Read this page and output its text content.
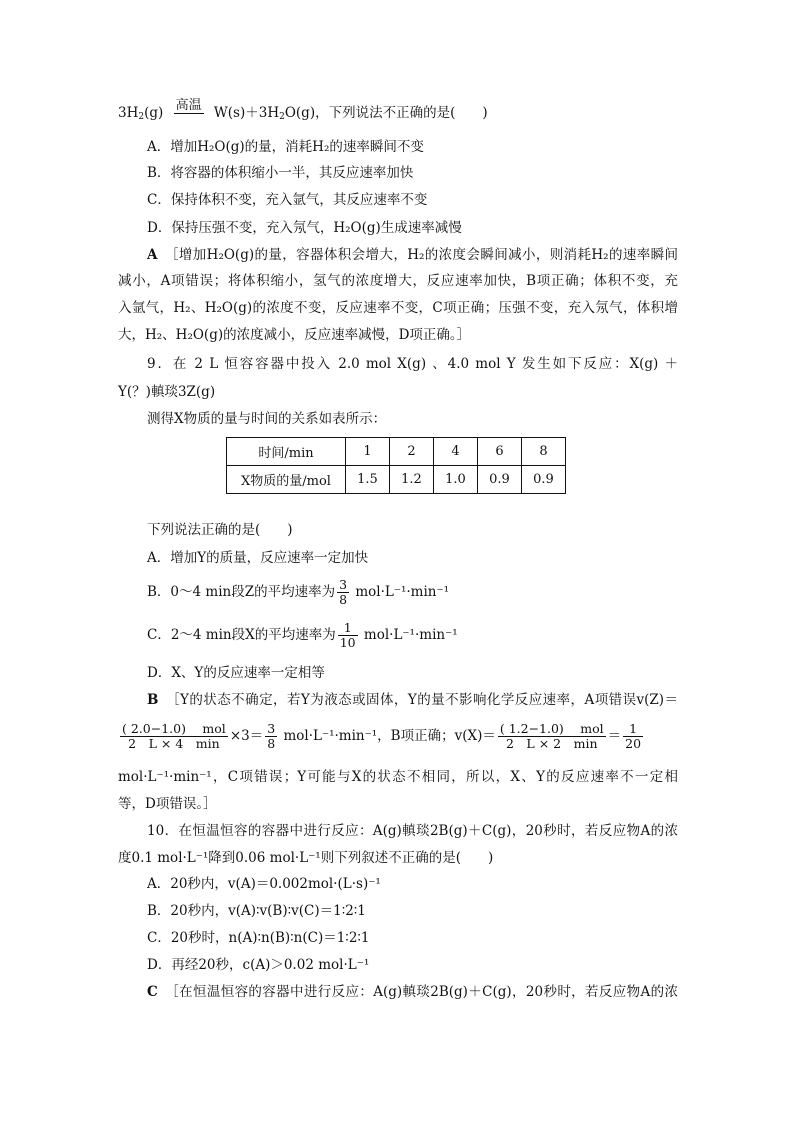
$3H_2(g)$ 高温 $W(s)+3H_2O(g)$，下列说法不正确的是(　　)
A．增加H₂O(g)的量，消耗H₂的速率瞬间不变
B．将容器的体积缩小一半，其反应速率加快
C．保持体积不变，充入氩气，其反应速率不变
D．保持压强不变，充入氖气，H₂O(g)生成速率减慢
A　 ［增加H₂O(g)的量，容器体积会增大，H₂的浓度会瞬间减小，则消耗H₂的速率瞬间
减小，A项错误；将体积缩小，氢气的浓度增大，反应速率加快，B项正确；体积不变，充
入氩气，H₂、H₂O(g)的浓度不变，反应速率不变，C项正确；压强不变，充入氖气，体积增
大，H₂、H₂O(g)的浓度减小，反应速率减慢，D项正确。］
9．在 2 L 恒容容器中投入 2.0 mol X(g) 、4.0 mol Y 发生如下反应：X(g) ＋
Y(？)䡩琰3Z(g)
测得X物质的量与时间的关系如表所示：
时间/min	1	2	4	6	8
X物质的量/mol	1.5	1.2	1.0	0.9	0.9
下列说法正确的是(　　)
A．增加Y的质量，反应速率一定加快
B．0～4 min段Z的平均速率为 $\frac{3}{8} mol\cdot L^{-1}\cdot\min^{-1}$
C．2～4 min段X的平均速率为 $\frac{1}{10} mol\cdot L^{-1}\cdot\min^{-1}$
D．X、Y的反应速率一定相等
B　 ［Y的状态不确定，若Y为液态或固体，Y的量不影响化学反应速率，A项错误v(Z)＝
$\frac{\text{( 2.0−1.0)　 mol}}{2 L \times 4 \min} \times 3= \frac{3}{8} mol\cdot L^{-1}\cdot\min^{-1}$，B项正确；$v(X)= \frac{\text{( 1.2−1.0)　 mol}}{2 L \times 2 \min} = \frac{1}{20}$
mol·L⁻¹·min⁻¹，C项错误；Y可能与X的状态不相同，所以，X、Y的反应速率不一定相
等，D项错误。］
10．在恒温恒容的容器中进行反应：A(g)䡩琰2B(g)＋C(g)，20秒时，若反应物A的浓
度0.1 mol·L⁻¹降到0.06 mol·L⁻¹则下列叙述不正确的是(　　)
A．20秒内，v(A)＝0.002mol·(L·s)⁻¹
B．20秒内，v(A)∶v(B)∶v(C)＝1∶2∶1
C．20秒时，n(A)∶n(B)∶n(C)＝1∶2∶1
D．再经20秒，c(A)＞0.02 mol·L⁻¹
C　 ［在恒温恒容的容器中进行反应：A(g)䡩琰2B(g)＋C(g)，20秒时，若反应物A的浓
